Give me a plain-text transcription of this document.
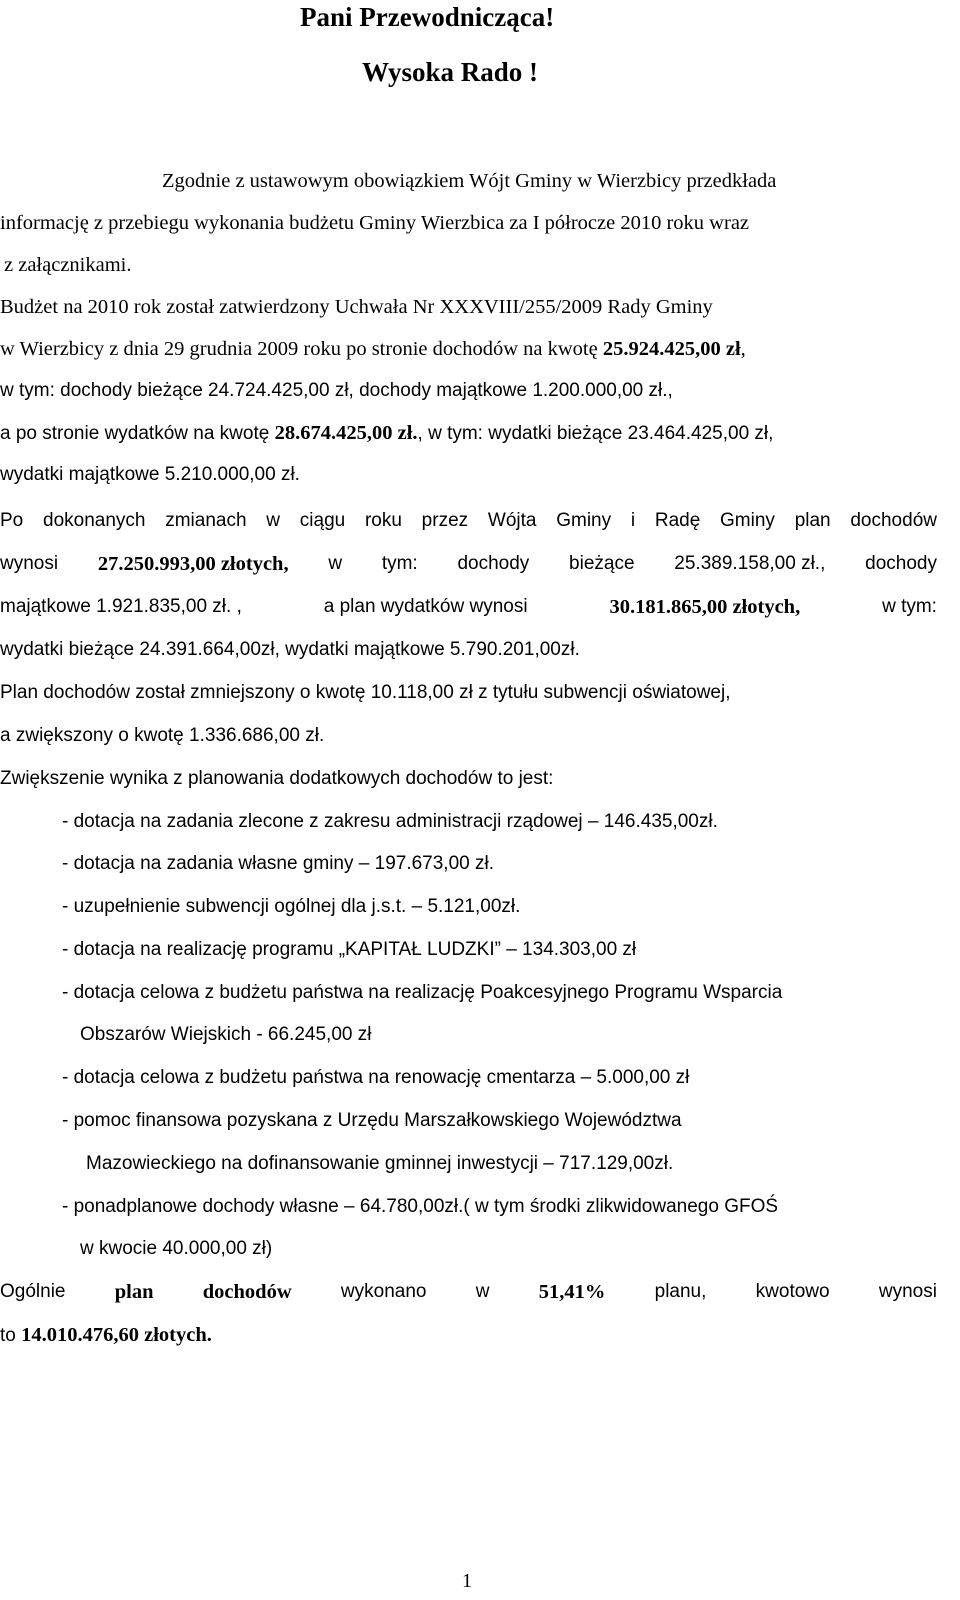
Pani Przewodnicząca!
Wysoka Rado !

Zgodnie z ustawowym obowiązkiem Wójt Gminy w Wierzbicy przedkłada

informację z przebiegu wykonania budżetu Gminy Wierzbica za I półrocze 2010 roku wraz

z załącznikami.

Budżet na 2010 rok został zatwierdzony Uchwała Nr XXXVIII/255/2009 Rady Gminy

w Wierzbicy z dnia 29 grudnia 2009 roku po stronie dochodów na kwotę 25.924.425,00 zł,

w tym: dochody bieżące 24.724.425,00 zł, dochody majątkowe 1.200.000,00 zł.,

a po stronie wydatków na kwotę 28.674.425,00 zł., w tym: wydatki bieżące 23.464.425,00 zł,

wydatki majątkowe 5.210.000,00 zł.

Po dokonanych zmianach w ciągu roku przez Wójta Gminy i Radę Gminy plan dochodów

wynosi 27.250.993,00 złotych, w tym: dochody bieżące 25.389.158,00 zł., dochody

majątkowe 1.921.835,00 zł. ,	a plan wydatków wynosi	30.181.865,00 złotych,	w tym:

wydatki bieżące 24.391.664,00zł, wydatki majątkowe 5.790.201,00zł.

Plan dochodów został zmniejszony o kwotę 10.118,00 zł z tytułu subwencji oświatowej,

a zwiększony o kwotę 1.336.686,00 zł.

Zwiększenie wynika z planowania dodatkowych dochodów to jest:

- dotacja na zadania zlecone z zakresu administracji rządowej – 146.435,00zł.

- dotacja na zadania własne gminy – 197.673,00 zł.

- uzupełnienie subwencji ogólnej dla j.s.t. – 5.121,00zł.

- dotacja na realizację programu „KAPITAŁ LUDZKI” – 134.303,00 zł

- dotacja celowa z budżetu państwa na realizację Poakcesyjnego Programu Wsparcia

Obszarów Wiejskich - 66.245,00 zł

- dotacja celowa z budżetu państwa na renowację cmentarza – 5.000,00 zł

- pomoc finansowa pozyskana z Urzędu Marszałkowskiego Województwa

Mazowieckiego na dofinansowanie gminnej inwestycji – 717.129,00zł.

- ponadplanowe dochody własne – 64.780,00zł.( w tym środki zlikwidowanego GFOŚ

w kwocie 40.000,00 zł)

Ogólnie plan dochodów	wykonano	w 51,41%	planu,	kwotowo	wynosi

to 14.010.476,60 złotych.

1
